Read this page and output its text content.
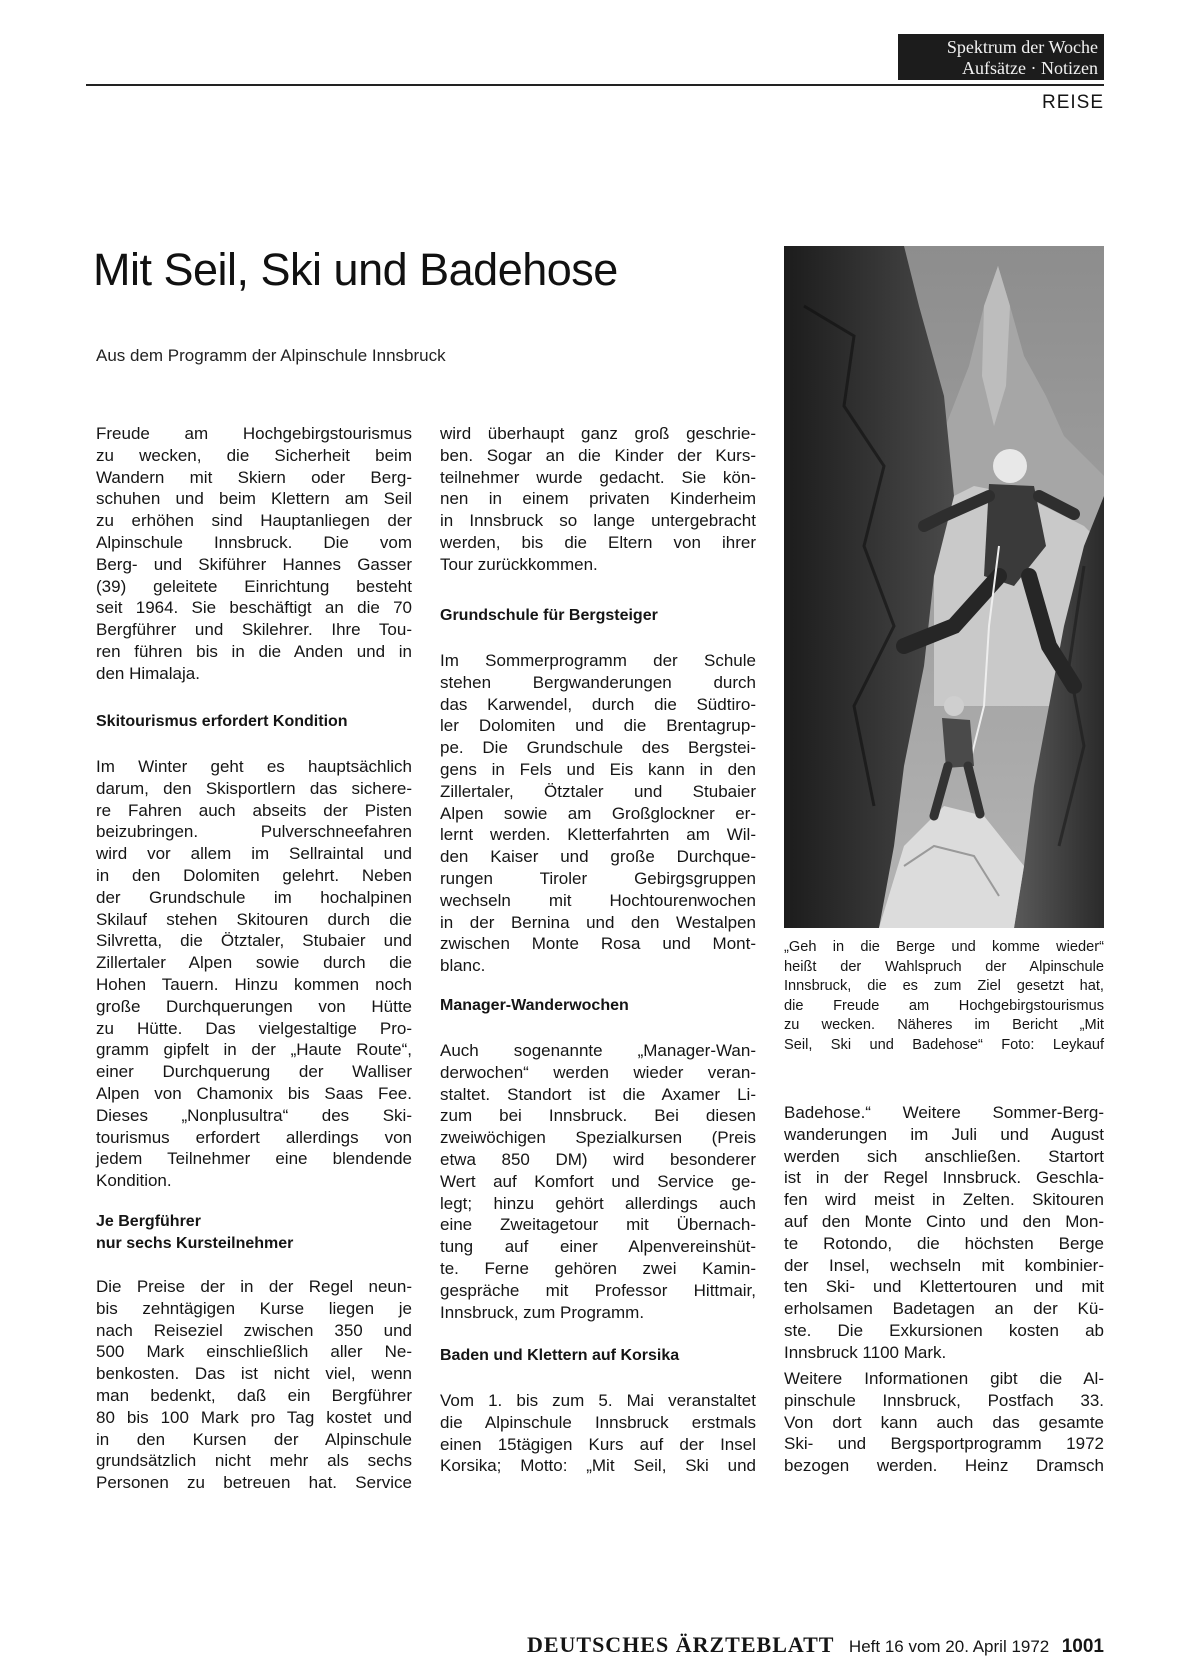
Spektrum der Woche
Aufsätze · Notizen
REISE
Mit Seil, Ski und Badehose
Aus dem Programm der Alpinschule Innsbruck

Freude am Hochgebirgstourismus
zu wecken, die Sicherheit beim
Wandern mit Skiern oder Berg-
schuhen und beim Klettern am Seil
zu erhöhen sind Hauptanliegen der
Alpinschule Innsbruck. Die vom
Berg- und Skiführer Hannes Gasser
(39) geleitete Einrichtung besteht
seit 1964. Sie beschäftigt an die 70
Bergführer und Skilehrer. Ihre Tou-
ren führen bis in die Anden und in
den Himalaja.

Skitourismus erfordert Kondition

Im Winter geht es hauptsächlich
darum, den Skisportlern das sichere-
re Fahren auch abseits der Pisten
beizubringen. Pulverschneefahren
wird vor allem im Sellraintal und
in den Dolomiten gelehrt. Neben
der Grundschule im hochalpinen
Skilauf stehen Skitouren durch die
Silvretta, die Ötztaler, Stubaier und
Zillertaler Alpen sowie durch die
Hohen Tauern. Hinzu kommen noch
große Durchquerungen von Hütte
zu Hütte. Das vielgestaltige Pro-
gramm gipfelt in der „Haute Route“,
einer Durchquerung der Walliser
Alpen von Chamonix bis Saas Fee.
Dieses „Nonplusultra“ des Ski-
tourismus erfordert allerdings von
jedem Teilnehmer eine blendende
Kondition.

Je Bergführer
nur sechs Kursteilnehmer

Die Preise der in der Regel neun-
bis zehntägigen Kurse liegen je
nach Reiseziel zwischen 350 und
500 Mark einschließlich aller Ne-
benkosten. Das ist nicht viel, wenn
man bedenkt, daß ein Bergführer
80 bis 100 Mark pro Tag kostet und
in den Kursen der Alpinschule
grundsätzlich nicht mehr als sechs
Personen zu betreuen hat. Service

wird überhaupt ganz groß geschrie-
ben. Sogar an die Kinder der Kurs-
teilnehmer wurde gedacht. Sie kön-
nen in einem privaten Kinderheim
in Innsbruck so lange untergebracht
werden, bis die Eltern von ihrer
Tour zurückkommen.

Grundschule für Bergsteiger

Im Sommerprogramm der Schule
stehen Bergwanderungen durch
das Karwendel, durch die Südtiro-
ler Dolomiten und die Brentagrup-
pe. Die Grundschule des Bergstei-
gens in Fels und Eis kann in den
Zillertaler, Ötztaler und Stubaier
Alpen sowie am Großglockner er-
lernt werden. Kletterfahrten am Wil-
den Kaiser und große Durchque-
rungen Tiroler Gebirgsgruppen
wechseln mit Hochtourenwochen
in der Bernina und den Westalpen
zwischen Monte Rosa und Mont-
blanc.

Manager-Wanderwochen

Auch sogenannte „Manager-Wan-
derwochen“ werden wieder veran-
staltet. Standort ist die Axamer Li-
zum bei Innsbruck. Bei diesen
zweiwöchigen Spezialkursen (Preis
etwa 850 DM) wird besonderer
Wert auf Komfort und Service ge-
legt; hinzu gehört allerdings auch
eine Zweitagetour mit Übernach-
tung auf einer Alpenvereinshüt-
te. Ferne gehören zwei Kamin-
gespräche mit Professor Hittmair,
Innsbruck, zum Programm.

Baden und Klettern auf Korsika

Vom 1. bis zum 5. Mai veranstaltet
die Alpinschule Innsbruck erstmals
einen 15tägigen Kurs auf der Insel
Korsika; Motto: „Mit Seil, Ski und

„Geh in die Berge und komme wieder“
heißt der Wahlspruch der Alpinschule
Innsbruck, die es zum Ziel gesetzt hat,
die Freude am Hochgebirgstourismus
zu wecken. Näheres im Bericht „Mit
Seil, Ski und Badehose“ Foto: Leykauf

Badehose.“ Weitere Sommer-Berg-
wanderungen im Juli und August
werden sich anschließen. Startort
ist in der Regel Innsbruck. Geschla-
fen wird meist in Zelten. Skitouren
auf den Monte Cinto und den Mon-
te Rotondo, die höchsten Berge
der Insel, wechseln mit kombinier-
ten Ski- und Klettertouren und mit
erholsamen Badetagen an der Kü-
ste. Die Exkursionen kosten ab
Innsbruck 1100 Mark.

Weitere Informationen gibt die Al-
pinschule Innsbruck, Postfach 33.
Von dort kann auch das gesamte
Ski- und Bergsportprogramm 1972
bezogen werden. Heinz Dramsch

DEUTSCHES ÄRZTEBLATT Heft 16 vom 20. April 1972 1001
